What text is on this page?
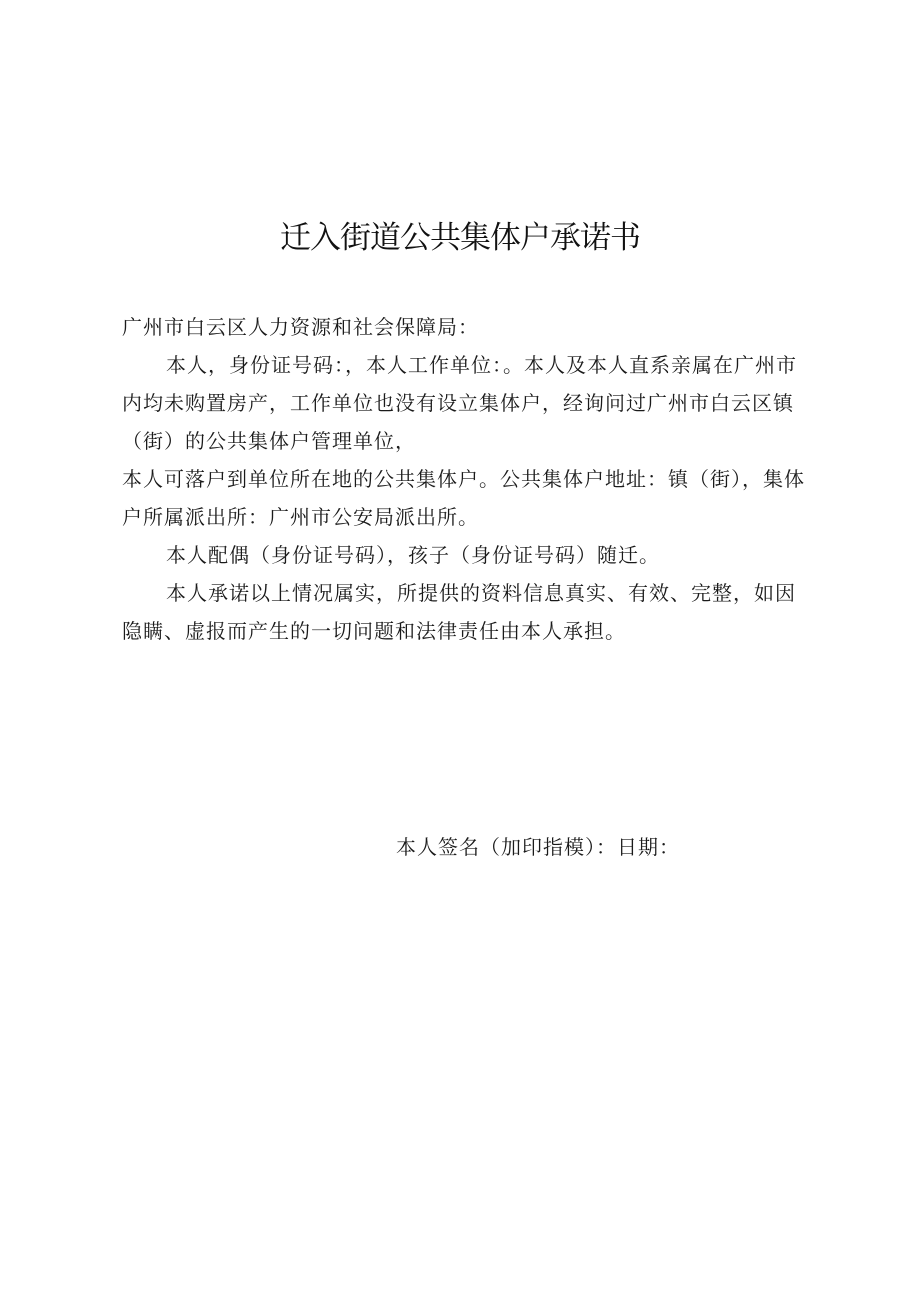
迁入街道公共集体户承诺书

广州市白云区人力资源和社会保障局：

本人，身份证号码：，本人工作单位：。本人及本人直系亲属在广州市内均未购置房产，工作单位也没有设立集体户，经询问过广州市白云区镇（街）的公共集体户管理单位，

本人可落户到单位所在地的公共集体户。公共集体户地址：镇（街），集体户所属派出所：广州市公安局派出所。

本人配偶（身份证号码），孩子（身份证号码）随迁。

本人承诺以上情况属实，所提供的资料信息真实、有效、完整，如因隐瞒、虚报而产生的一切问题和法律责任由本人承担。

本人签名（加印指模）：日期：
